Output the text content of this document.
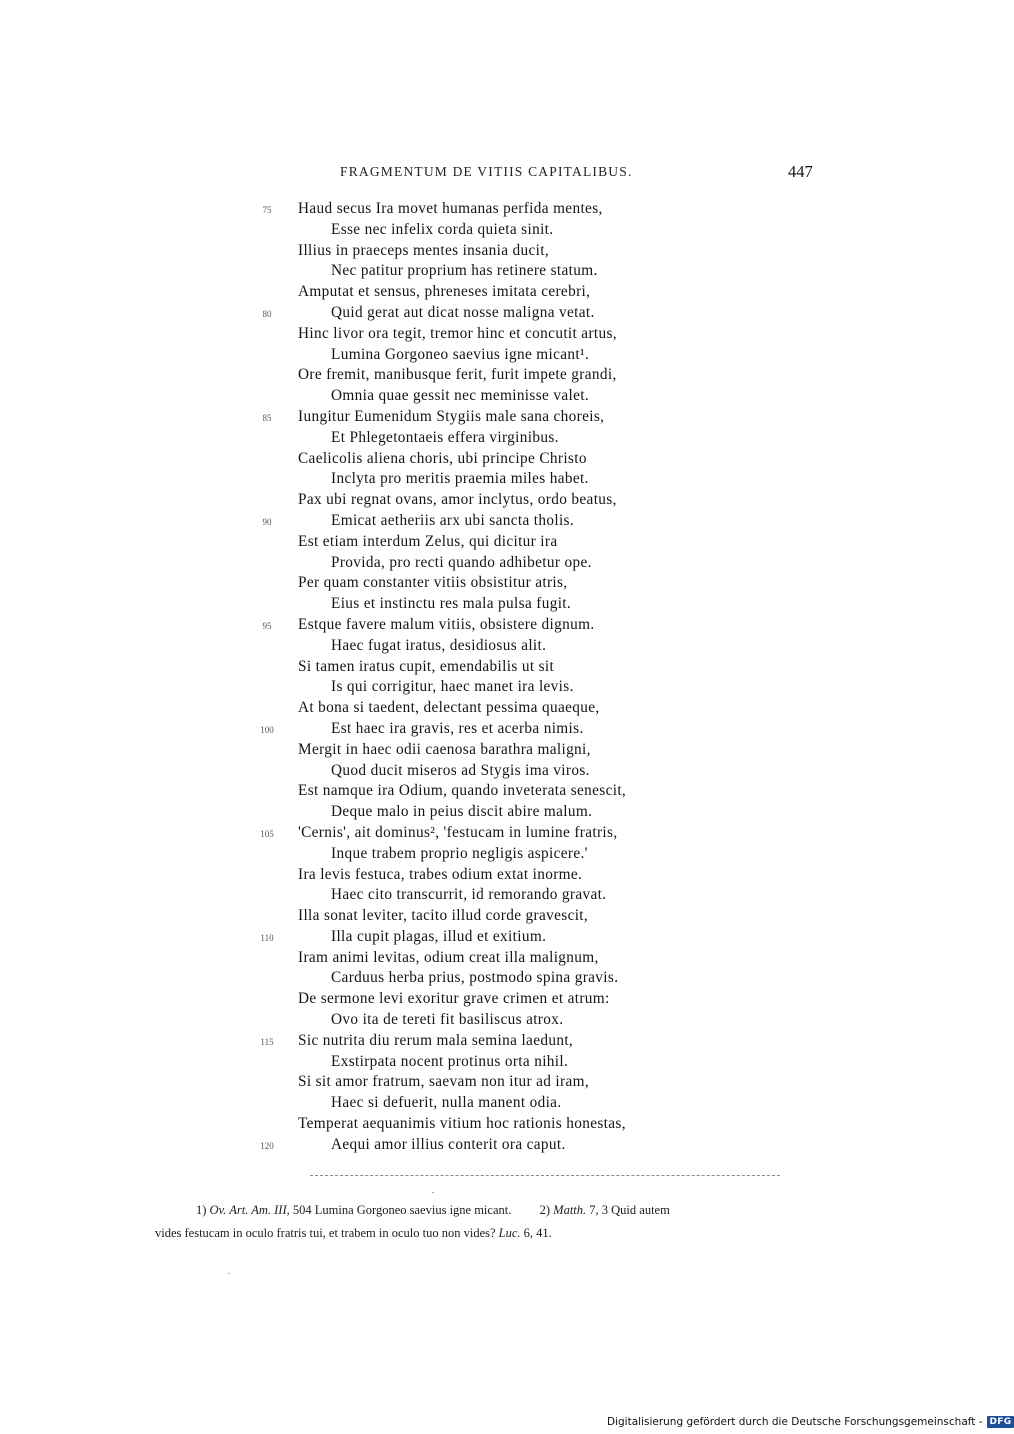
FRAGMENTUM DE VITIIS CAPITALIBUS.	447
75	Haud secus Ira movet humanas perfida mentes,
Esse nec infelix corda quieta sinit.
Illius in praeceps mentes insania ducit,
Nec patitur proprium has retinere statum.
Amputat et sensus, phreneses imitata cerebri,
80	Quid gerat aut dicat nosse maligna vetat.
Hinc livor ora tegit, tremor hinc et concutit artus,
Lumina Gorgoneo saevius igne micant¹.
Ore fremit, manibusque ferit, furit impete grandi,
Omnia quae gessit nec meminisse valet.
85	Iungitur Eumenidum Stygiis male sana choreis,
Et Phlegetontaeis effera virginibus.
Caelicolis aliena choris, ubi principe Christo
Inclyta pro meritis praemia miles habet.
Pax ubi regnat ovans, amor inclytus, ordo beatus,
90	Emicat aetheriis arx ubi sancta tholis.
Est etiam interdum Zelus, qui dicitur ira
Provida, pro recti quando adhibetur ope.
Per quam constanter vitiis obsistitur atris,
Eius et instinctu res mala pulsa fugit.
95	Estque favere malum vitiis, obsistere dignum.
Haec fugat iratus, desidiosus alit.
Si tamen iratus cupit, emendabilis ut sit
Is qui corrigitur, haec manet ira levis.
At bona si taedent, delectant pessima quaeque,
100	Est haec ira gravis, res et acerba nimis.
Mergit in haec odii caenosa barathra maligni,
Quod ducit miseros ad Stygis ima viros.
Est namque ira Odium, quando inveterata senescit,
Deque malo in peius discit abire malum.
105	'Cernis', ait dominus², 'festucam in lumine fratris,
Inque trabem proprio negligis aspicere.'
Ira levis festuca, trabes odium extat inorme.
Haec cito transcurrit, id remorando gravat.
Illa sonat leviter, tacito illud corde gravescit,
110	Illa cupit plagas, illud et exitium.
Iram animi levitas, odium creat illa malignum,
Carduus herba prius, postmodo spina gravis.
De sermone levi exoritur grave crimen et atrum:
Ovo ita de tereti fit basiliscus atrox.
115	Sic nutrita diu rerum mala semina laedunt,
Exstirpata nocent protinus orta nihil.
Si sit amor fratrum, saevam non itur ad iram,
Haec si defuerit, nulla manent odia.
Temperat aequanimis vitium hoc rationis honestas,
120	Aequi amor illius conterit ora caput.
1) Ov. Art. Am. III, 504 Lumina Gorgoneo saevius igne micant. 2) Matth. 7, 3 Quid autem
vides festucam in oculo fratris tui, et trabem in oculo tuo non vides? Luc. 6, 41.
Digitalisierung gefördert durch die Deutsche Forschungsgemeinschaft - DFG
